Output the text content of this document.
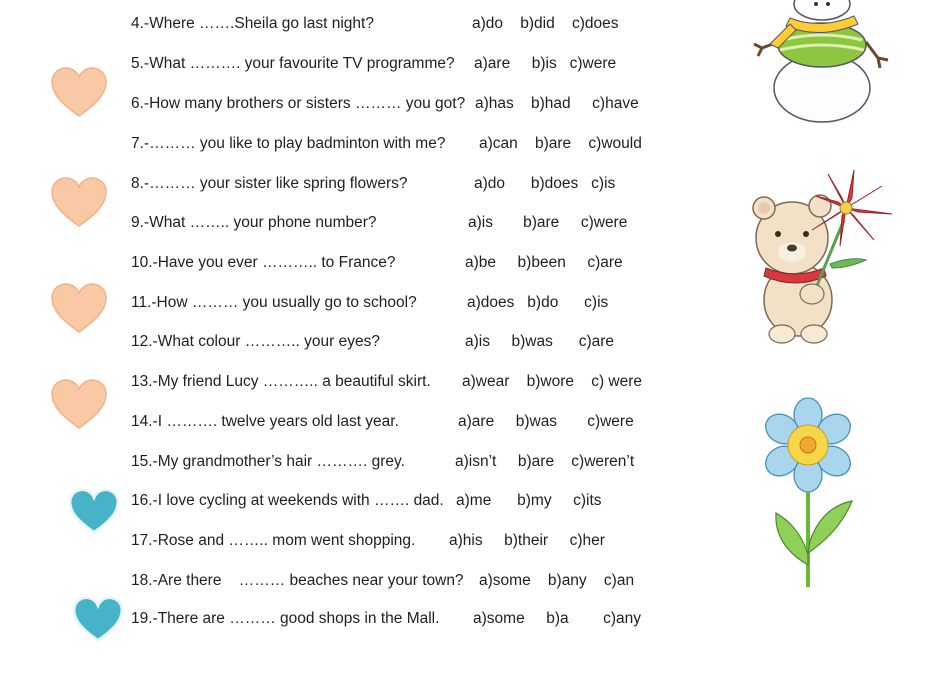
4.-Where …….Sheila go last night?

	a)do    b)did    c)does

5.-What ………. your favourite TV programme?

a)are     b)is   c)were

6.-How many brothers or sisters ……… you got?

a)has    b)had     c)have

7.-……… you like to play badminton with me?

a)can    b)are    c)would

8.-……… your sister like spring flowers?

	a)do      b)does   c)is

9.-What …….. your phone number?

	a)is       b)are     c)were

10.-Have you ever ……….. to France?

	a)be     b)been     c)are

11.-How ……… you usually go to school?

	a)does   b)do      c)is

12.-What colour ……….. your eyes?

	a)is     b)was      c)are

13.-My friend Lucy ……….. a beautiful skirt.

a)wear    b)wore    c) were

14.-I ………. twelve years old last year.

	a)are     b)was       c)were

15.-My grandmother’s hair ………. grey.

	a)isn’t     b)are    c)weren’t

16.-I love cycling at weekends with ……. dad.

a)me      b)my     c)its

17.-Rose and …….. mom went shopping.

a)his     b)their     c)her

18.-Are there    ……… beaches near your town?

a)some    b)any    c)an

19.-There are ……… good shops in the Mall.

a)some     b)a        c)any
